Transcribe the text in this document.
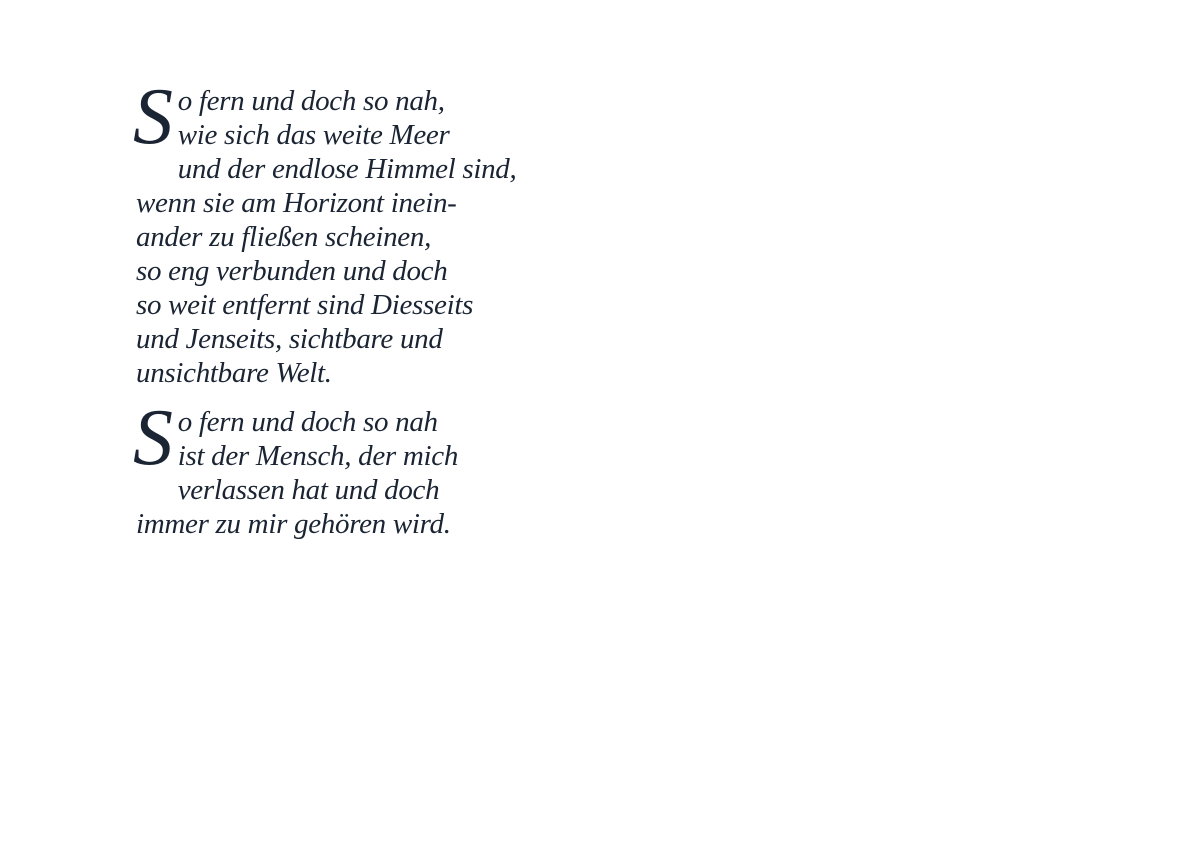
S o fern und doch so nah,
wie sich das weite Meer
und der endlose Himmel sind,
wenn sie am Horizont inein-
ander zu fließen scheinen,
so eng verbunden und doch
so weit entfernt sind Diesseits
und Jenseits, sichtbare und
unsichtbare Welt.
S o fern und doch so nah
ist der Mensch, der mich
verlassen hat und doch
immer zu mir gehören wird.
